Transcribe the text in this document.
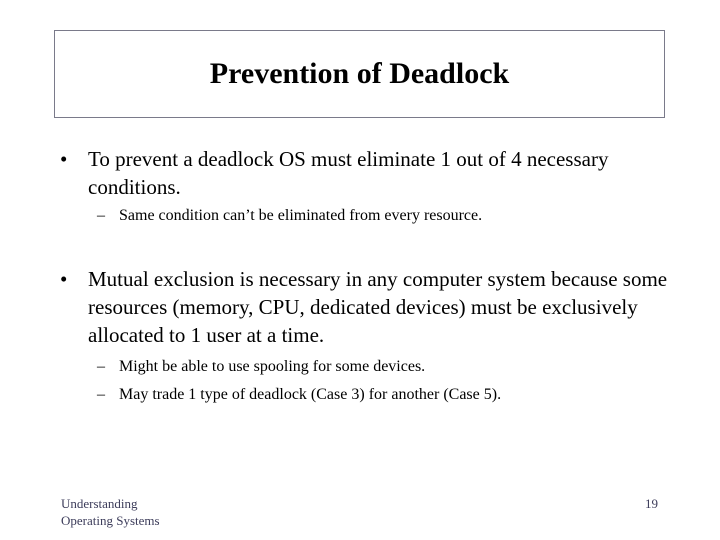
Prevention of Deadlock
• To prevent a deadlock OS must eliminate 1 out of 4 necessary conditions.
– Same condition can’t be eliminated from every resource.
• Mutual exclusion is necessary in any computer system because some resources (memory, CPU, dedicated devices) must be exclusively allocated to 1 user at a time.
– Might be able to use spooling for some devices.
– May trade 1 type of deadlock (Case 3) for another (Case 5).
Understanding
Operating Systems
19
